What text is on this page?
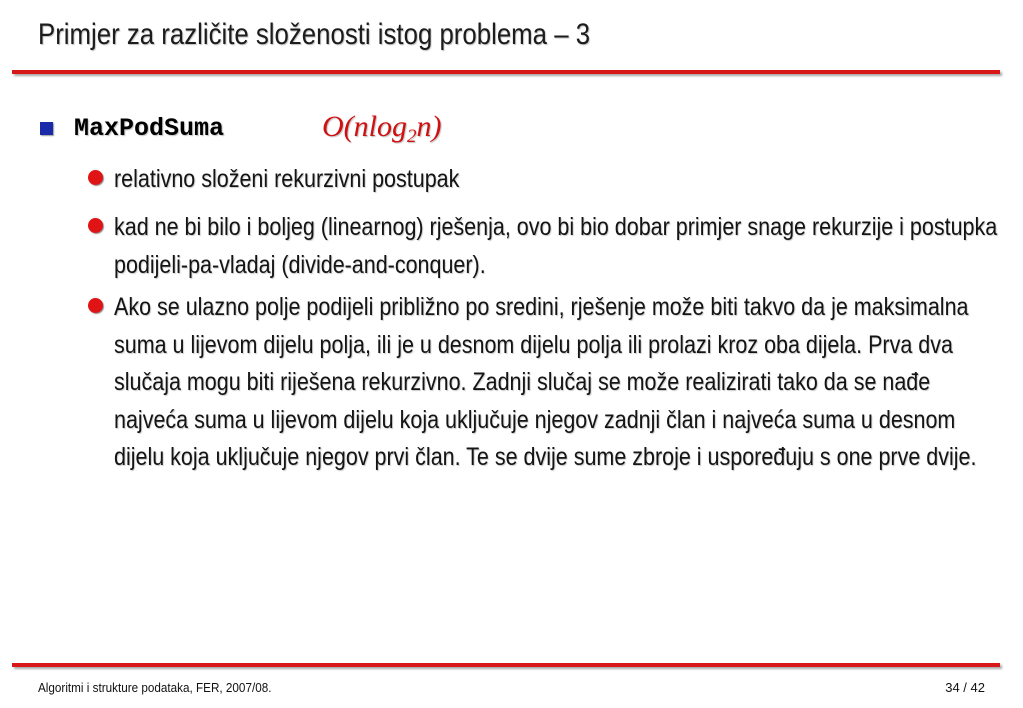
Primjer za različite složenosti istog problema – 3
MaxPodSuma	O(nlog$_2$n)
relativno složeni rekurzivni postupak
kad ne bi bilo i boljeg (linearnog) rješenja, ovo bi bio dobar primjer snage rekurzije i postupka podijeli-pa-vladaj (divide-and-conquer).
Ako se ulazno polje podijeli približno po sredini, rješenje može biti takvo da je maksimalna suma u lijevom dijelu polja, ili je u desnom dijelu polja ili prolazi kroz oba dijela. Prva dva slučaja mogu biti riješena rekurzivno. Zadnji slučaj se može realizirati tako da se nađe najveća suma u lijevom dijelu koja uključuje njegov zadnji član i najveća suma u desnom dijelu koja uključuje njegov prvi član. Te se dvije sume zbroje i uspoređuju s one prve dvije.
Algoritmi i strukture podataka, FER, 2007/08.	34 / 42
